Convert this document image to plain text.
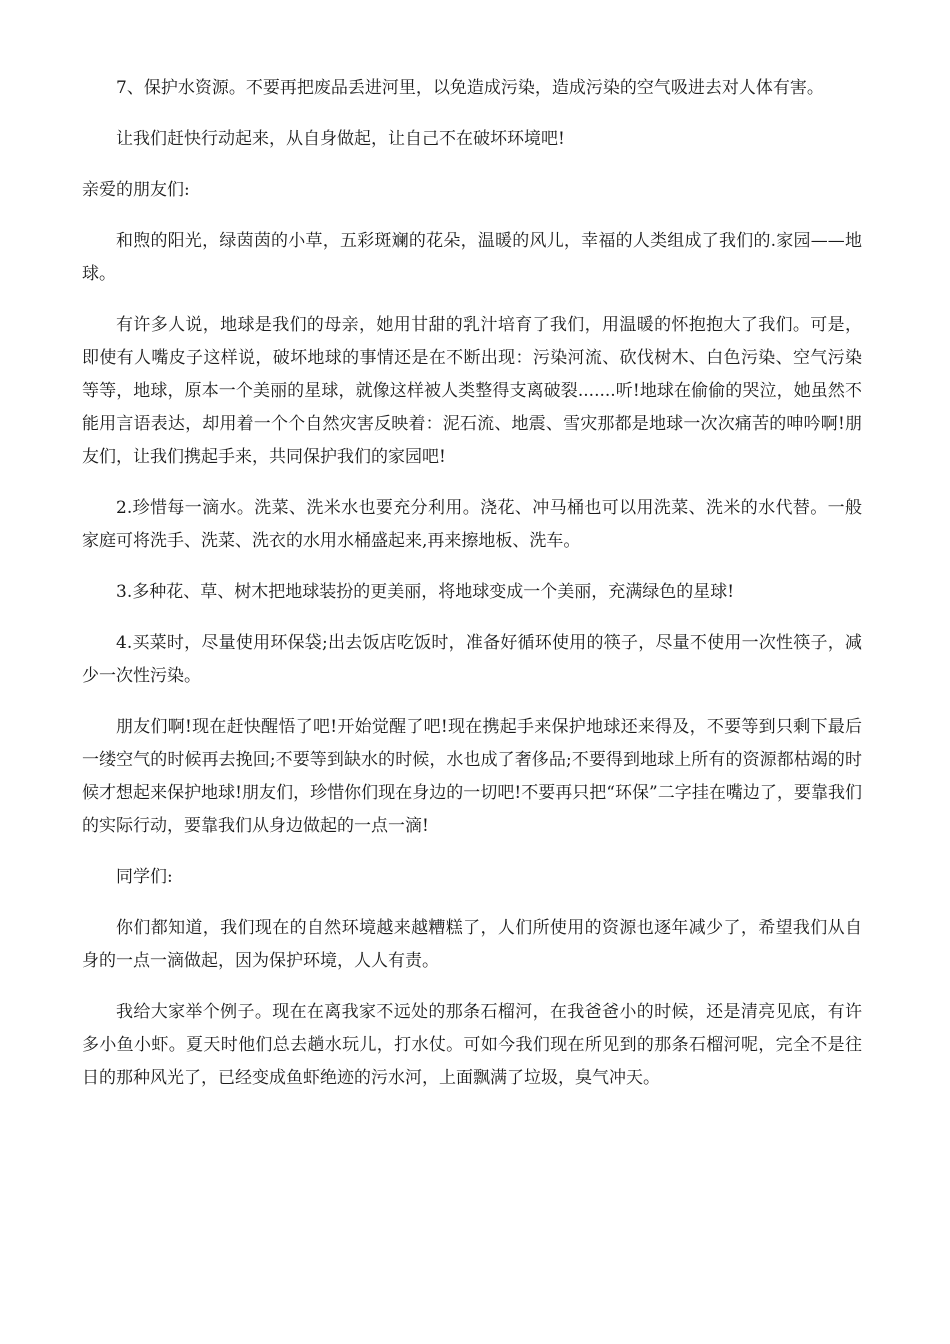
7、保护水资源。不要再把废品丢进河里，以免造成污染，造成污染的空气吸进去对人体有害。

让我们赶快行动起来，从自身做起，让自己不在破坏环境吧!

亲爱的朋友们:

和煦的阳光，绿茵茵的小草，五彩斑斓的花朵，温暖的风儿，幸福的人类组成了我们的.家园——地球。

有许多人说，地球是我们的母亲，她用甘甜的乳汁培育了我们，用温暖的怀抱抱大了我们。可是，即使有人嘴皮子这样说，破坏地球的事情还是在不断出现：污染河流、砍伐树木、白色污染、空气污染等等，地球，原本一个美丽的星球，就像这样被人类整得支离破裂.......听!地球在偷偷的哭泣，她虽然不能用言语表达，却用着一个个自然灾害反映着：泥石流、地震、雪灾那都是地球一次次痛苦的呻吟啊!朋友们，让我们携起手来，共同保护我们的家园吧!

2.珍惜每一滴水。洗菜、洗米水也要充分利用。浇花、冲马桶也可以用洗菜、洗米的水代替。一般家庭可将洗手、洗菜、洗衣的水用水桶盛起来,再来擦地板、洗车。

3.多种花、草、树木把地球装扮的更美丽，将地球变成一个美丽，充满绿色的星球!

4.买菜时，尽量使用环保袋;出去饭店吃饭时，准备好循环使用的筷子，尽量不使用一次性筷子，减少一次性污染。

朋友们啊!现在赶快醒悟了吧!开始觉醒了吧!现在携起手来保护地球还来得及，不要等到只剩下最后一缕空气的时候再去挽回;不要等到缺水的时候，水也成了奢侈品;不要得到地球上所有的资源都枯竭的时候才想起来保护地球!朋友们，珍惜你们现在身边的一切吧!不要再只把“环保”二字挂在嘴边了，要靠我们的实际行动，要靠我们从身边做起的一点一滴!

同学们:

你们都知道，我们现在的自然环境越来越糟糕了，人们所使用的资源也逐年减少了，希望我们从自身的一点一滴做起，因为保护环境，人人有责。

我给大家举个例子。现在在离我家不远处的那条石榴河，在我爸爸小的时候，还是清亮见底，有许多小鱼小虾。夏天时他们总去趟水玩儿，打水仗。可如今我们现在所见到的那条石榴河呢，完全不是往日的那种风光了，已经变成鱼虾绝迹的污水河，上面飘满了垃圾，臭气冲天。
